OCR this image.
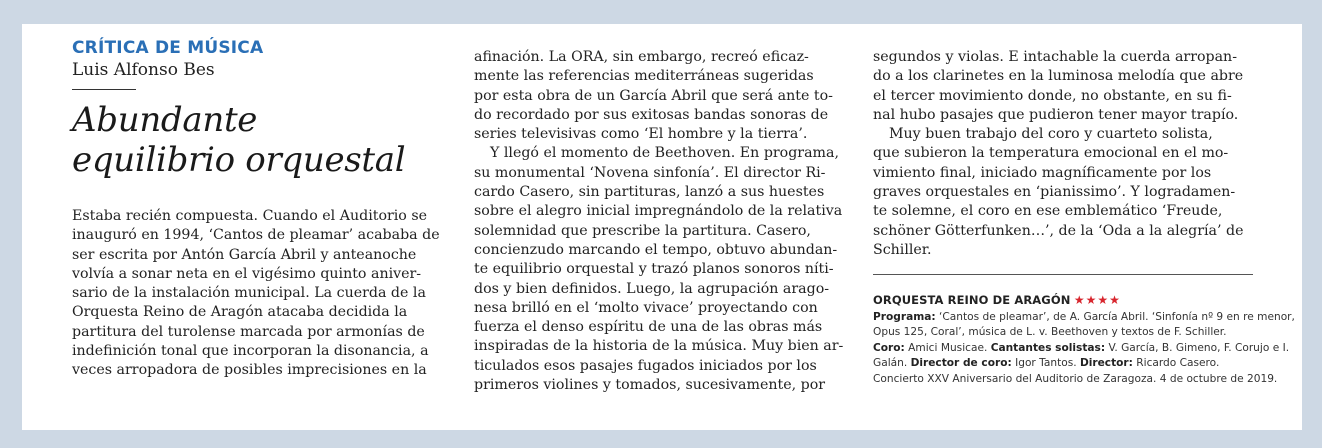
CRÍTICA DE MÚSICA
Luis Alfonso Bes
Abundante
equilibrio orquestal
Estaba recién compuesta. Cuando el Auditorio se
inauguró en 1994, ‘Cantos de pleamar’ acababa de
ser escrita por Antón García Abril y anteanoche
volvía a sonar neta en el vigésimo quinto aniver-
sario de la instalación municipal. La cuerda de la
Orquesta Reino de Aragón atacaba decidida la
partitura del turolense marcada por armonías de
indefinición tonal que incorporan la disonancia, a
veces arropadora de posibles imprecisiones en la
afinación. La ORA, sin embargo, recreó eficaz-
mente las referencias mediterráneas sugeridas
por esta obra de un García Abril que será ante to-
do recordado por sus exitosas bandas sonoras de
series televisivas como ‘El hombre y la tierra’.
Y llegó el momento de Beethoven. En programa,
su monumental ‘Novena sinfonía’. El director Ri-
cardo Casero, sin partituras, lanzó a sus huestes
sobre el alegro inicial impregnándolo de la relativa
solemnidad que prescribe la partitura. Casero,
concienzudo marcando el tempo, obtuvo abundan-
te equilibrio orquestal y trazó planos sonoros níti-
dos y bien definidos. Luego, la agrupación arago-
nesa brilló en el ‘molto vivace’ proyectando con
fuerza el denso espíritu de una de las obras más
inspiradas de la historia de la música. Muy bien ar-
ticulados esos pasajes fugados iniciados por los
primeros violines y tomados, sucesivamente, por
segundos y violas. E intachable la cuerda arropan-
do a los clarinetes en la luminosa melodía que abre
el tercer movimiento donde, no obstante, en su fi-
nal hubo pasajes que pudieron tener mayor trapío.
Muy buen trabajo del coro y cuarteto solista,
que subieron la temperatura emocional en el mo-
vimiento final, iniciado magníficamente por los
graves orquestales en ‘pianissimo’. Y logradamen-
te solemne, el coro en ese emblemático ‘Freude,
schöner Götterfunken…’, de la ‘Oda a la alegría’ de
Schiller.
ORQUESTA REINO DE ARAGÓN ★★★★
Programa: ‘Cantos de pleamar’, de A. García Abril. ‘Sinfonía nº 9 en re menor,
Opus 125, Coral’, música de L. v. Beethoven y textos de F. Schiller.
Coro: Amici Musicae. Cantantes solistas: V. García, B. Gimeno, F. Corujo e I.
Galán. Director de coro: Igor Tantos. Director: Ricardo Casero.
Concierto XXV Aniversario del Auditorio de Zaragoza. 4 de octubre de 2019.
